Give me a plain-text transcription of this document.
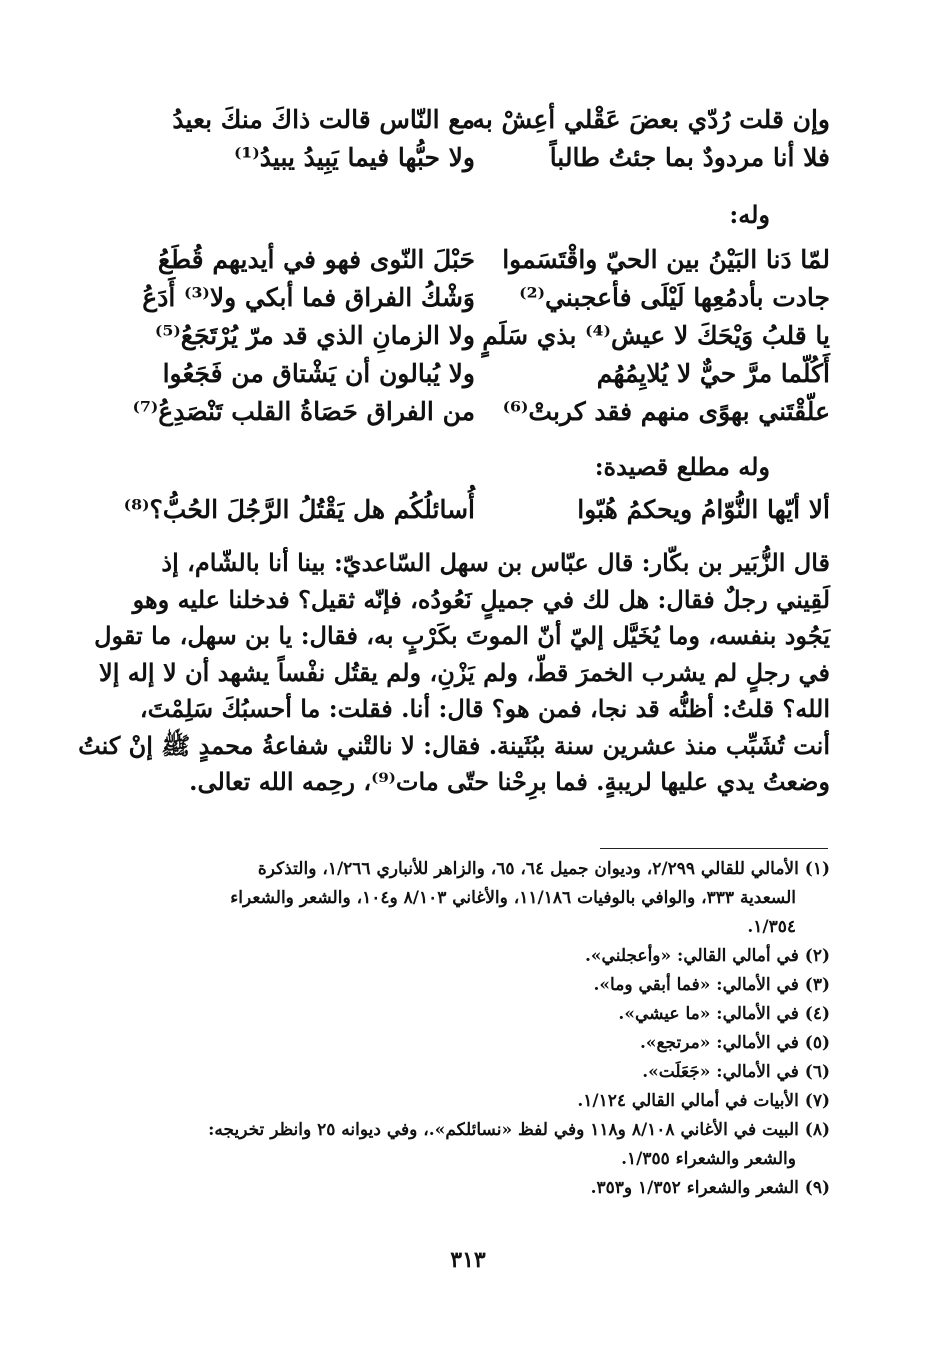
وإن قلت رُدّي بعضَ عَقْلي أعِشْ به
مع النّاس قالت ذاكَ منكَ بعيدُ
فلا أنا مردودٌ بما جئتُ طالباً
ولا حبُّها فيما يَبِيدُ يبيدُ⁽¹⁾
وله:
لمّا دَنا البَيْنُ بين الحيّ واقْتَسَموا
حَبْلَ النّوى فهو في أيديهم قُطَعُ
جادت بأدمُعِها لَيْلَى فأعجبني⁽²⁾
وَشْكُ الفراق فما أبكي ولا⁽³⁾ أَدَعُ
يا قلبُ وَيْحَكَ لا عيش⁽⁴⁾ بذي سَلَمٍ
ولا الزمانِ الذي قد مرّ يُرْتَجَعُ⁽⁵⁾
أَكُلّما مرَّ حيٌّ لا يُلايِمُهُم
ولا يُبالون أن يَشْتاق من فَجَعُوا
علّقْتَني بهوًى منهم فقد كربتْ⁽⁶⁾
من الفراق حَصَاةُ القلب تَنْصَدِعُ⁽⁷⁾
وله مطلع قصيدة:
ألا أيّها النُّوّامُ ويحكمُ هُبّوا
أُسائلُكُم هل يَقْتُلُ الرَّجُلَ الحُبُّ؟⁽⁸⁾
قال الزُّبَير بن بكّار: قال عبّاس بن سهل السّاعديّ: بينا أنا بالشّام، إذ
لَقِيني رجلٌ فقال: هل لك في جميلٍ نَعُودُه، فإنّه ثقيل؟ فدخلنا عليه وهو
يَجُود بنفسه، وما يُخَيَّل إليّ أنّ الموتَ بكَرْبٍ به، فقال: يا بن سهل، ما تقول
في رجلٍ لم يشرب الخمرَ قطّ، ولم يَزْنِ، ولم يقتُل نفْساً يشهد أن لا إله إلا
الله؟ قلتُ: أظنُّه قد نجا، فمن هو؟ قال: أنا. فقلت: ما أحسبُكَ سَلِمْتَ،
أنت تُشَبِّب منذ عشرين سنة ببُثَينة. فقال: لا نالتْني شفاعةُ محمدٍ ﷺ إنْ كنتُ
وضعتُ يدي عليها لريبةٍ. فما برِحْنا حتّى مات⁽⁹⁾، رحِمه الله تعالى.
(١) الأمالي للقالي ٢/٢٩٩، وديوان جميل ٦٤، ٦٥، والزاهر للأنباري ١/٢٦٦، والتذكرة
السعدية ٣٣٣، والوافي بالوفيات ١١/١٨٦، والأغاني ٨/١٠٣ و١٠٤، والشعر والشعراء
١/٣٥٤.
(٢) في أمالي القالي: «وأعجلني».
(٣) في الأمالي: «فما أبقي وما».
(٤) في الأمالي: «ما عيشي».
(٥) في الأمالي: «مرتجع».
(٦) في الأمالي: «جَعَلَت».
(٧) الأبيات في أمالي القالي ١/١٢٤.
(٨) البيت في الأغاني ٨/١٠٨ و١١٨ وفي لفظ «نسائلكم».، وفي ديوانه ٢٥ وانظر تخريجه:
والشعر والشعراء ١/٣٥٥.
(٩) الشعر والشعراء ١/٣٥٢ و٣٥٣.
٣١٣
